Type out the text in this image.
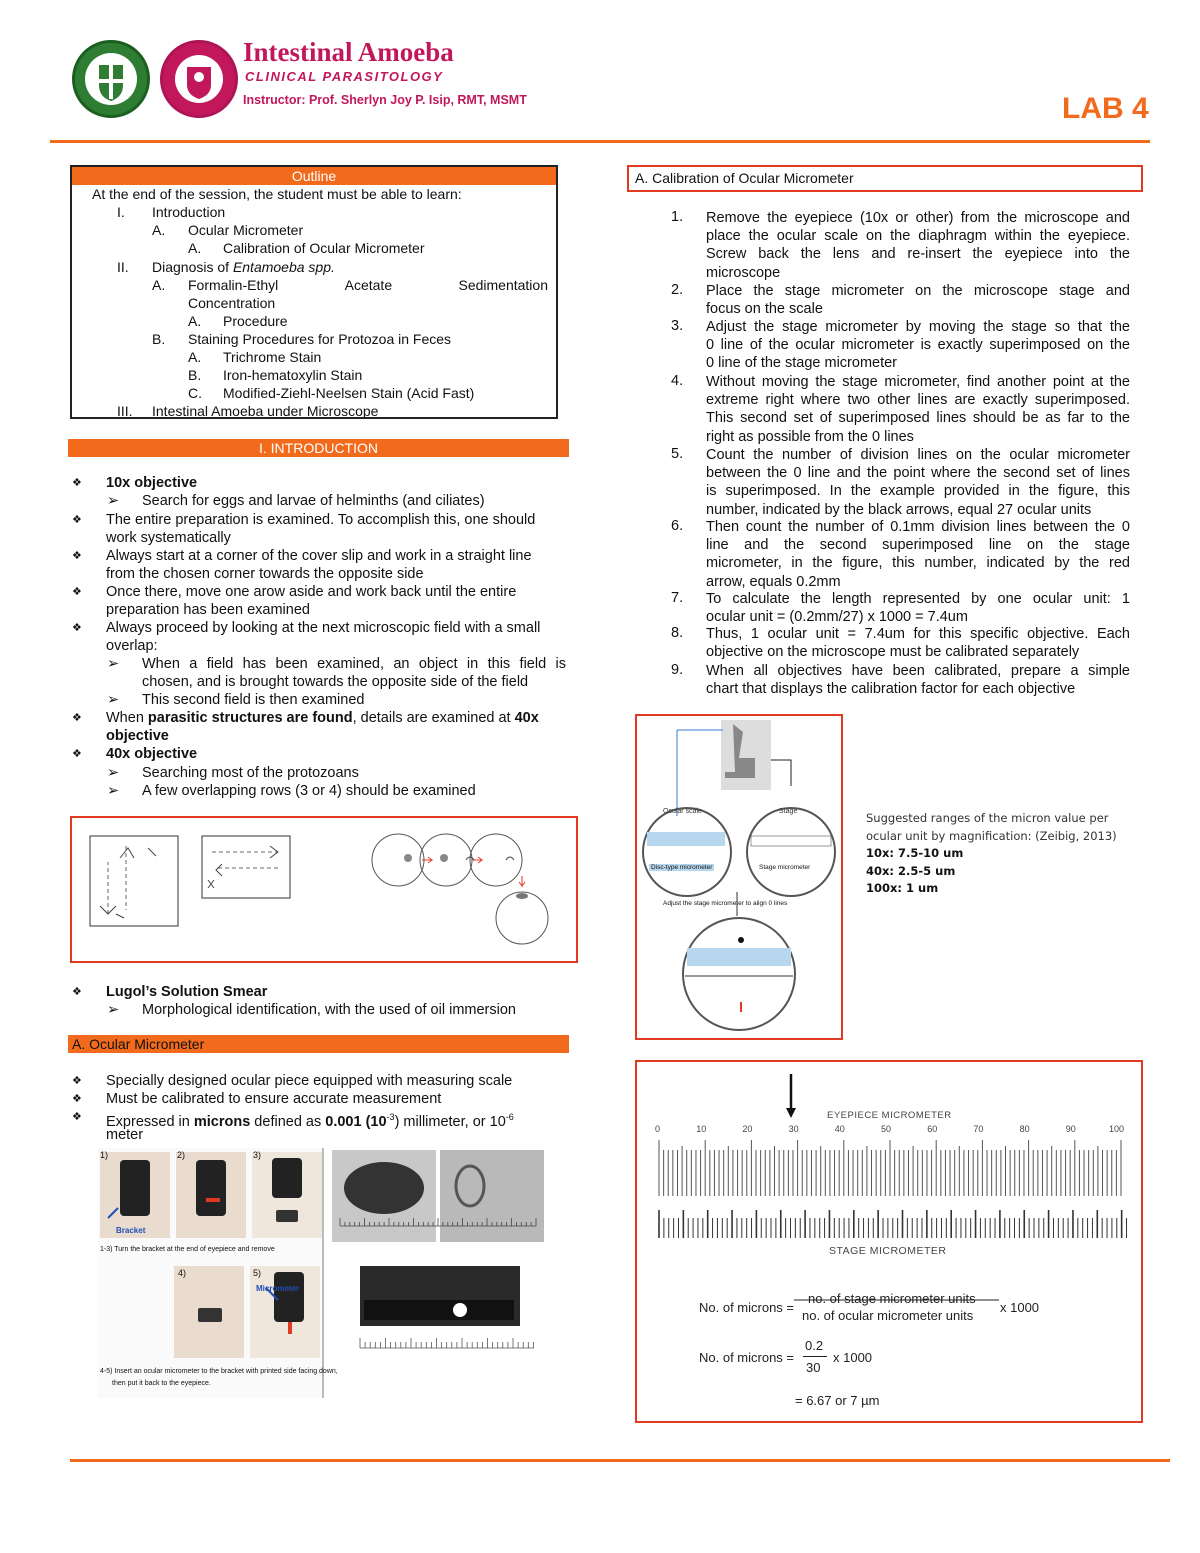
Intestinal Amoeba
CLINICAL PARASITOLOGY
Instructor: Prof. Sherlyn Joy P. Isip, RMT, MSMT	LAB 4
Outline
At the end of the session, the student must be able to learn:
I. Introduction
A. Ocular Micrometer
A. Calibration of Ocular Micrometer
II. Diagnosis of Entamoeba spp.
A. Formalin-Ethyl	Acetate	Sedimentation
Concentration
A. Procedure
B. Staining Procedures for Protozoa in Feces
A. Trichrome Stain
B. Iron-hematoxylin Stain
C. Modified-Ziehl-Neelsen Stain (Acid Fast)
III. Intestinal Amoeba under Microscope
I. INTRODUCTION
❖ 10x objective
➢ Search for eggs and larvae of helminths (and ciliates)
❖ The entire preparation is examined. To accomplish this, one should
work systematically
❖ Always start at a corner of the cover slip and work in a straight line
from the chosen corner towards the opposite side
❖ Once there, move one arow aside and work back until the entire
preparation has been examined
❖ Always proceed by looking at the next microscopic field with a small
overlap:
➢ When a field has been examined, an object in this field is
chosen, and is brought towards the opposite side of the field
➢ This second field is then examined
❖ When parasitic structures are found, details are examined at 40x
objective
❖ 40x objective
➢ Searching most of the protozoans
➢ A few overlapping rows (3 or 4) should be examined
❖ Lugol’s Solution Smear
➢ Morphological identification, with the used of oil immersion
A. Ocular Micrometer
❖ Specially designed ocular piece equipped with measuring scale
❖ Must be calibrated to ensure accurate measurement
❖ Expressed in microns defined as 0.001 $(10^{-3})$ millimeter, or $10^{-6}$
meter
1)	2)	3)
4)	5)
Bracket
Micrometer
1-3) Turn the bracket at the end of eyepiece and remove
4-5) Insert an ocular micrometer to the bracket with printed side facing down,
then put it back to the eyepiece.
A. Calibration of Ocular Micrometer
1. Remove the eyepiece (10x or other) from the microscope and
place the ocular scale on the diaphragm within the eyepiece.
Screw back the lens and re-insert the eyepiece into the
microscope
2. Place the stage micrometer on the microscope stage and
focus on the scale
3. Adjust the stage micrometer by moving the stage so that the
0 line of the ocular micrometer is exactly superimposed on the
0 line of the stage micrometer
4. Without moving the stage micrometer, find another point at the
extreme right where two other lines are exactly superimposed.
This second set of superimposed lines should be as far to the
right as possible from the 0 lines
5. Count the number of division lines on the ocular micrometer
between the 0 line and the point where the second set of lines
is superimposed. In the example provided in the figure, this
number, indicated by the black arrows, equal 27 ocular units
6. Then count the number of 0.1mm division lines between the 0
line and the second superimposed line on the stage
micrometer, in the figure, this number, indicated by the red
arrow, equals 0.2mm
7. To calculate the length represented by one ocular unit: 1
ocular unit = (0.2mm/27) x 1000 = 7.4um
8. Thus, 1 ocular unit = 7.4um for this specific objective. Each
objective on the microscope must be calibrated separately
9. When all objectives have been calibrated, prepare a simple
chart that displays the calibration factor for each objective
Ocular scale	Stage
Disc-type micrometer	Stage micrometer
Adjust the stage micrometer to align 0 lines
Suggested ranges of the micron value per
ocular unit by magnification: (Zeibig, 2013)
10x: 7.5-10 um
40x: 2.5-5 um
100x: 1 um
EYEPIECE MICROMETER
0	10	20	30	40	50	60	70	80	90	100
STAGE MICROMETER
No. of microns =
no. of stage micrometer units
no. of ocular micrometer units
x 1000
No. of microns =
0.2
30
x 1000
= 6.67 or 7 µm
